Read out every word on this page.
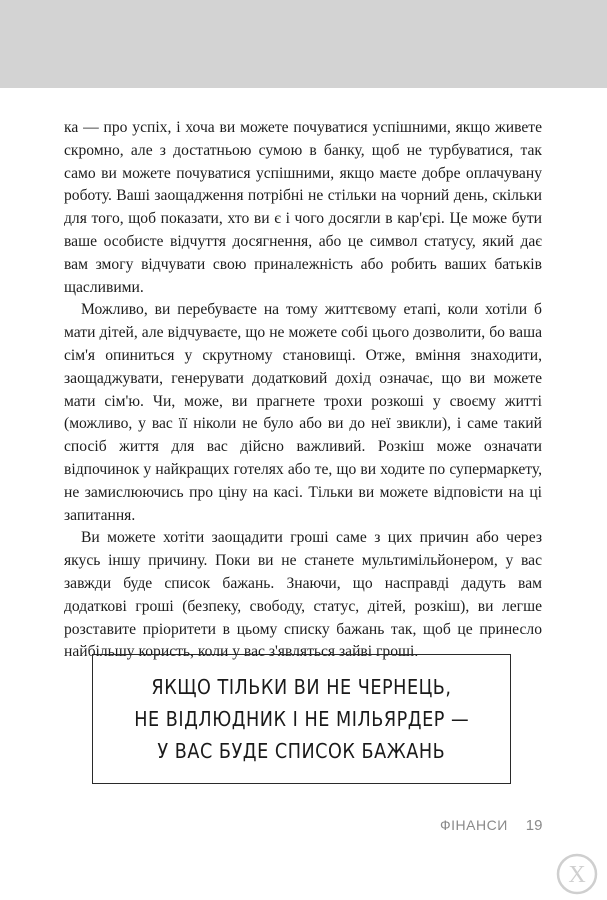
ка — про успіх, і хоча ви можете почуватися успішними, якщо живете скромно, але з достатньою сумою в банку, щоб не турбуватися, так само ви можете почуватися успішними, якщо маєте добре оплачувану роботу. Ваші заощадження потрібні не стільки на чорний день, скільки для того, щоб показати, хто ви є і чого досягли в кар'єрі. Це може бути ваше особисте відчуття досягнення, або це символ статусу, який дає вам змогу відчувати свою приналежність або робить ваших батьків щасливими.

Можливо, ви перебуваєте на тому життєвому етапі, коли хотіли б мати дітей, але відчуваєте, що не можете собі цього дозволити, бо ваша сім'я опиниться у скрутному становищі. Отже, вміння знаходити, заощаджувати, генерувати додатковий дохід означає, що ви можете мати сім'ю. Чи, може, ви прагнете трохи розкоші у своєму житті (можливо, у вас її ніколи не було або ви до неї звикли), і саме такий спосіб життя для вас дійсно важливий. Розкіш може означати відпочинок у найкращих готелях або те, що ви ходите по супермаркету, не замислюючись про ціну на касі. Тільки ви можете відповісти на ці запитання.

Ви можете хотіти заощадити гроші саме з цих причин або через якусь іншу причину. Поки ви не станете мультимільйонером, у вас завжди буде список бажань. Знаючи, що насправді дадуть вам додаткові гроші (безпеку, свободу, статус, дітей, розкіш), ви легше розставите пріоритети в цьому списку бажань так, щоб це принесло найбільшу користь, коли у вас з'являться зайві гроші.

ЯКЩО ТІЛЬКИ ВИ НЕ ЧЕРНЕЦЬ,
НЕ ВІДЛЮДНИК І НЕ МІЛЬЯРДЕР —
У ВАС БУДЕ СПИСОК БАЖАНЬ
ФІНАНСИ 19
X
